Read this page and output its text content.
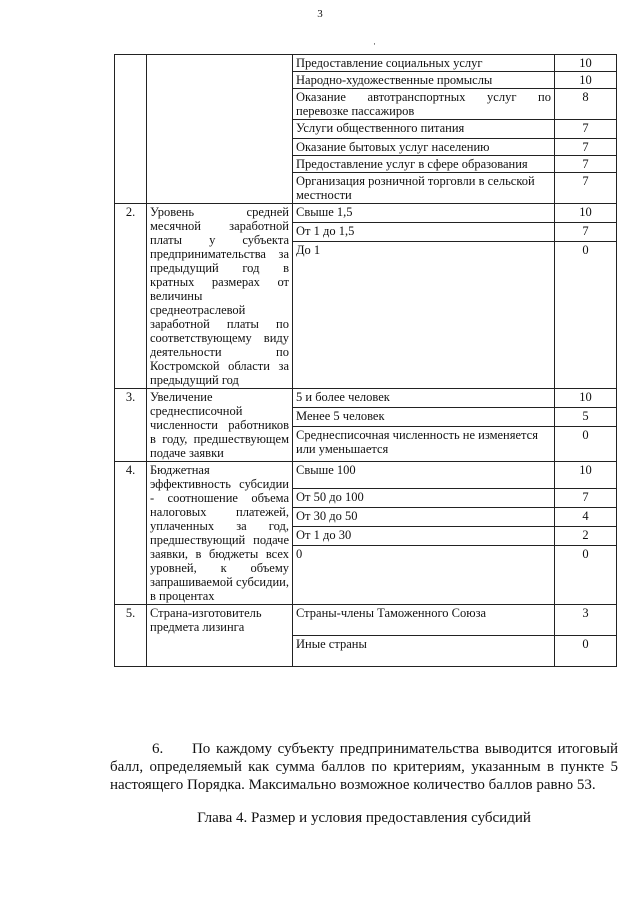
3
·
		Предоставление социальных услуг	10
		Народно-художественные промыслы	10
		Оказание автотранспортных услуг по перевозке пассажиров	8
		Услуги общественного питания	7
		Оказание бытовых услуг населению	7
		Предоставление услуг в сфере образования	7
		Организация розничной торговли в сельской местности	7
2.	Уровень средней месячной заработной платы у субъекта предпринимательства за предыдущий год в кратных размерах от величины среднеотраслевой заработной платы по соответствующему виду деятельности по Костромской области за предыдущий год	Свыше 1,5	10
		От 1 до 1,5	7
		До 1	0
3.	Увеличение среднесписочной численности работников в году, предшествующем подаче заявки	5 и более человек	10
		Менее 5 человек	5
		Среднесписочная численность не изменяется или уменьшается	0
4.	Бюджетная эффективность субсидии - соотношение объема налоговых платежей, уплаченных за год, предшествующий подаче заявки, в бюджеты всех уровней, к объему запрашиваемой субсидии, в процентах	Свыше 100	10
		От 50 до 100	7
		От 30 до 50	4
		От 1 до 30	2
		0	0
5.	Страна-изготовитель предмета лизинга	Страны-члены Таможенного Союза	3
		Иные страны	0
6. По каждому субъекту предпринимательства выводится итоговый балл, определяемый как сумма баллов по критериям, указанным в пункте 5 настоящего Порядка. Максимально возможное количество баллов равно 53.
Глава 4. Размер и условия предоставления субсидий
